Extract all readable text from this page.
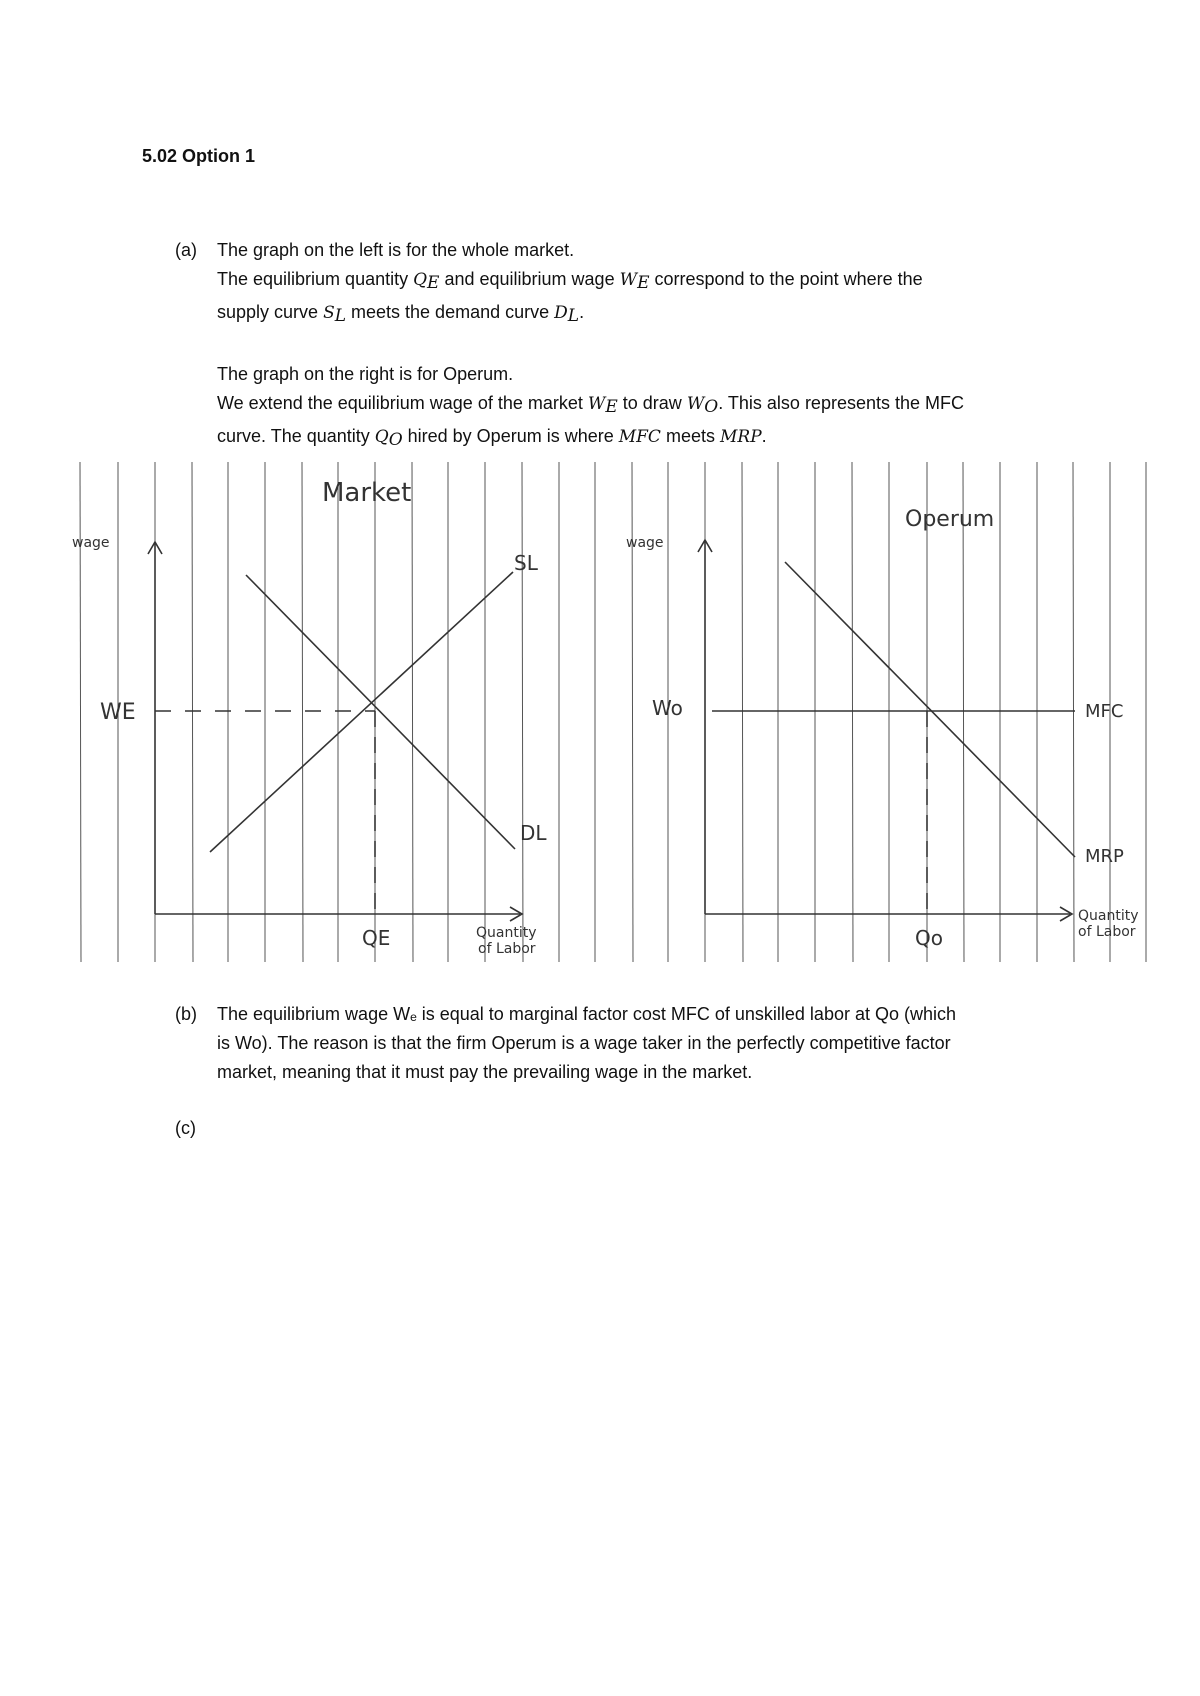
5.02 Option 1
(a) The graph on the left is for the whole market.

The equilibrium quantity $Q_E$ and equilibrium wage $W_E$ correspond to the point where the

supply curve $S_L$ meets the demand curve $D_L$.

The graph on the right is for Operum.

We extend the equilibrium wage of the market $W_E$ to draw $W_O$. This also represents the MFC

curve. The quantity $Q_O$ hired by Operum is where MFC meets MRP.

Market
wage
WE
SL
DL
QE	Quantity
of Labor
Operum
wage
Wo	MFC
MRP
Qo
Quantity
of Labor
(b) The equilibrium wage Wₑ is equal to marginal factor cost MFC of unskilled labor at Qo (which

is Wo). The reason is that the firm Operum is a wage taker in the perfectly competitive factor

market, meaning that it must pay the prevailing wage in the market.

(c)
